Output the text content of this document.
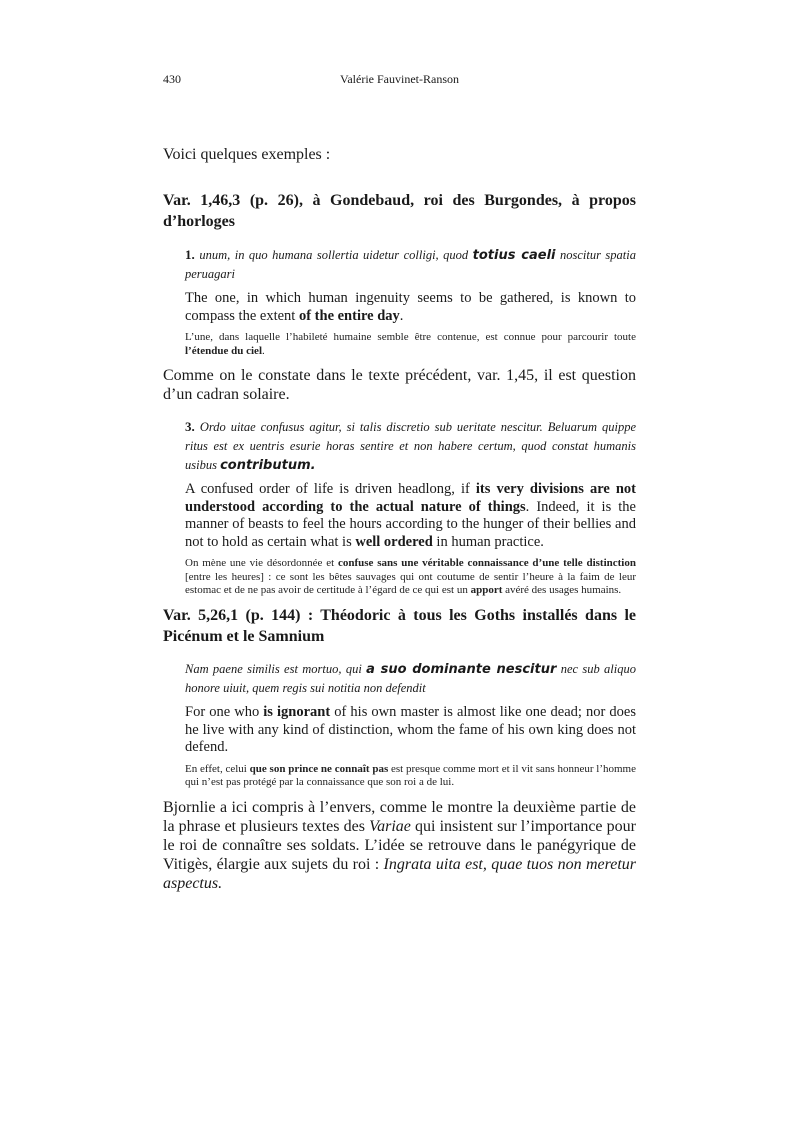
430	Valérie Fauvinet-Ranson

Voici quelques exemples :

Var. 1,46,3 (p. 26), à Gondebaud, roi des Burgondes, à propos d’horloges

1. unum, in quo humana sollertia uidetur colligi, quod totius caeli noscitur spatia peruagari

The one, in which human ingenuity seems to be gathered, is known to compass the extent of the entire day.

L’une, dans laquelle l’habileté humaine semble être contenue, est connue pour parcourir toute l’étendue du ciel.

Comme on le constate dans le texte précédent, var. 1,45, il est question d’un cadran solaire.

3. Ordo uitae confusus agitur, si talis discretio sub ueritate nescitur. Beluarum quippe ritus est ex uentris esurie horas sentire et non habere certum, quod constat humanis usibus contributum.

A confused order of life is driven headlong, if its very divisions are not understood according to the actual nature of things. Indeed, it is the manner of beasts to feel the hours according to the hunger of their bellies and not to hold as certain what is well ordered in human practice.

On mène une vie désordonnée et confuse sans une véritable connaissance d’une telle distinction [entre les heures] : ce sont les bêtes sauvages qui ont coutume de sentir l’heure à la faim de leur estomac et de ne pas avoir de certitude à l’égard de ce qui est un apport avéré des usages humains.

Var. 5,26,1 (p. 144) : Théodoric à tous les Goths installés dans le Picénum et le Samnium

Nam paene similis est mortuo, qui a suo dominante nescitur nec sub aliquo honore uiuit, quem regis sui notitia non defendit

For one who is ignorant of his own master is almost like one dead; nor does he live with any kind of distinction, whom the fame of his own king does not defend.

En effet, celui que son prince ne connaît pas est presque comme mort et il vit sans honneur l’homme qui n’est pas protégé par la connaissance que son roi a de lui.

Bjornlie a ici compris à l’envers, comme le montre la deuxième partie de la phrase et plusieurs textes des Variae qui insistent sur l’importance pour le roi de connaître ses soldats. L’idée se retrouve dans le panégyrique de Vitigès, élargie aux sujets du roi : Ingrata uita est, quae tuos non meretur aspectus.
